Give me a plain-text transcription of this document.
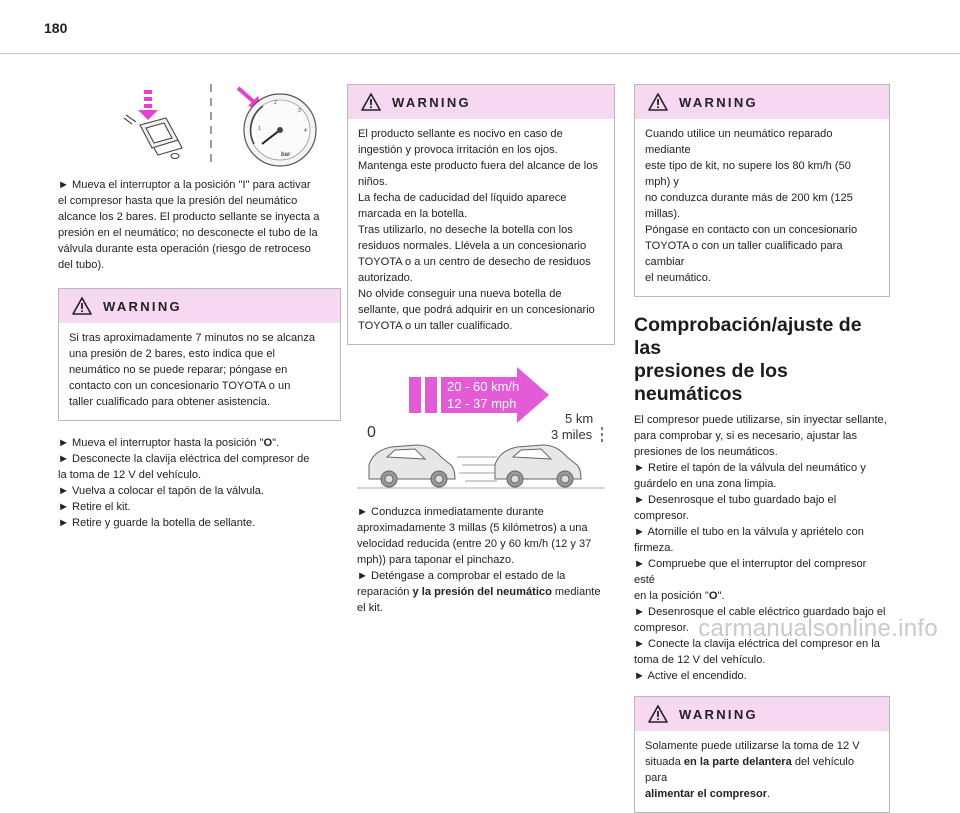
180
1
2
3
4
bar
► Mueva el interruptor a la posición "I" para activar
el compresor hasta que la presión del neumático
alcance los 2 bares. El producto sellante se inyecta a
presión en el neumático; no desconecte el tubo de la
válvula durante esta operación (riesgo de retroceso
del tubo).
WARNING
Si tras aproximadamente 7 minutos no se alcanza
una presión de 2 bares, esto indica que el
neumático no se puede reparar; póngase en
contacto con un concesionario TOYOTA o un
taller cualificado para obtener asistencia.
► Mueva el interruptor hasta la posición "O".
► Desconecte la clavija eléctrica del compresor de
la toma de 12 V del vehículo.
► Vuelva a colocar el tapón de la válvula.
► Retire el kit.
► Retire y guarde la botella de sellante.
WARNING
El producto sellante es nocivo en caso de
ingestión y provoca irritación en los ojos.
Mantenga este producto fuera del alcance de los
niños.
La fecha de caducidad del líquido aparece
marcada en la botella.
Tras utilizarlo, no deseche la botella con los
residuos normales. Llévela a un concesionario
TOYOTA o a un centro de desecho de residuos
autorizado.
No olvide conseguir una nueva botella de
sellante, que podrá adquirir en un concesionario
TOYOTA o un taller cualificado.
20 - 60 km/h
12 - 37 mph
0
5 km
3 miles
► Conduzca inmediatamente durante
aproximadamente 3 millas (5 kilómetros) a una
velocidad reducida (entre 20 y 60 km/h (12 y 37
mph)) para taponar el pinchazo.
► Deténgase a comprobar el estado de la
reparación y la presión del neumático mediante
el kit.
WARNING
Cuando utilice un neumático reparado mediante
este tipo de kit, no supere los 80 km/h (50 mph) y
no conduzca durante más de 200 km (125 millas).
Póngase en contacto con un concesionario
TOYOTA o con un taller cualificado para cambiar
el neumático.
Comprobación/ajuste de las
presiones de los neumáticos
El compresor puede utilizarse, sin inyectar sellante,
para comprobar y, si es necesario, ajustar las
presiones de los neumáticos.
► Retire el tapón de la válvula del neumático y
guárdelo en una zona limpia.
► Desenrosque el tubo guardado bajo el compresor.
► Atornille el tubo en la válvula y apriételo con
firmeza.
► Compruebe que el interruptor del compresor esté
en la posición "O".
► Desenrosque el cable eléctrico guardado bajo el
compresor.
► Conecte la clavija eléctrica del compresor en la
toma de 12 V del vehículo.
► Active el encendido.
WARNING
Solamente puede utilizarse la toma de 12 V
situada en la parte delantera del vehículo para
alimentar el compresor.
carmanualsonline.info
